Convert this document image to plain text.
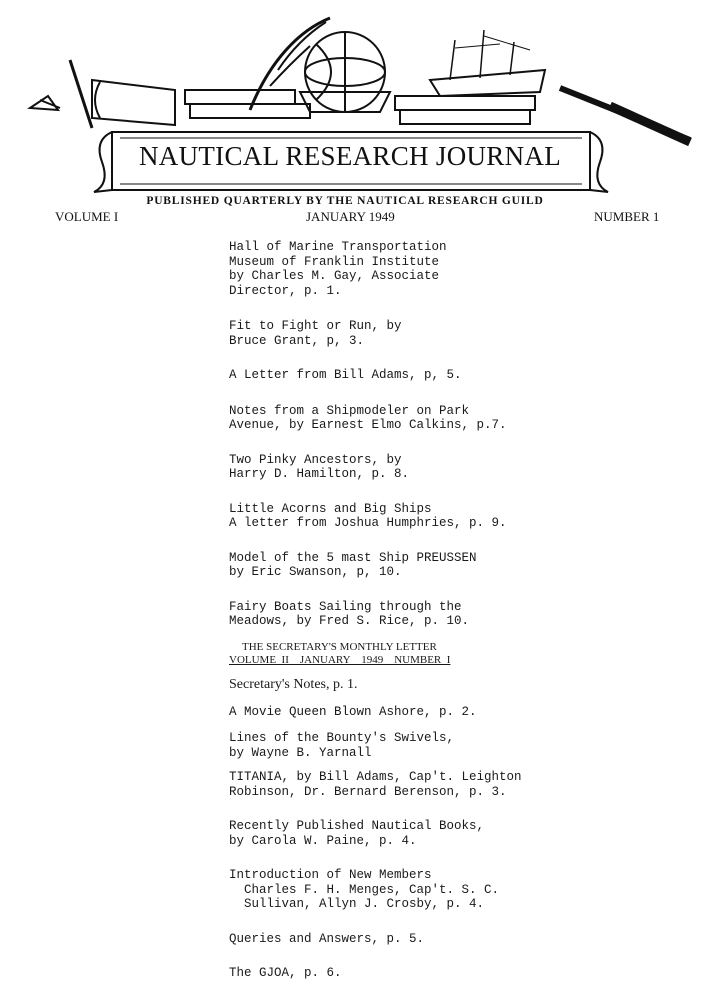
NAUTICAL RESEARCH JOURNAL
PUBLISHED QUARTERLY BY THE NAUTICAL RESEARCH GUILD
VOLUME I	JANUARY 1949	NUMBER 1

Hall of Marine Transportation
Museum of Franklin Institute
by Charles M. Gay, Associate
Director, p. 1.

Fit to Fight or Run, by
Bruce Grant, p, 3.

A Letter from Bill Adams, p, 5.

Notes from a Shipmodeler on Park
Avenue, by Earnest Elmo Calkins, p.7.

Two Pinky Ancestors, by
Harry D. Hamilton, p. 8.

Little Acorns and Big Ships
A letter from Joshua Humphries, p. 9.

Model of the 5 mast Ship PREUSSEN
by Eric Swanson, p, 10.

Fairy Boats Sailing through the
Meadows, by Fred S. Rice, p. 10.

THE SECRETARY'S MONTHLY LETTER
VOLUME  II    JANUARY    1949    NUMBER  I

Secretary's Notes, p. 1.

A Movie Queen Blown Ashore, p. 2.

Lines of the Bounty's Swivels,
by Wayne B. Yarnall

TITANIA, by Bill Adams, Cap't. Leighton
Robinson, Dr. Bernard Berenson, p. 3.

Recently Published Nautical Books,
by Carola W. Paine, p. 4.

Introduction of New Members
Charles F. H. Menges, Cap't. S. C.
Sullivan, Allyn J. Crosby, p. 4.

Queries and Answers, p. 5.

The GJOA, p. 6.
